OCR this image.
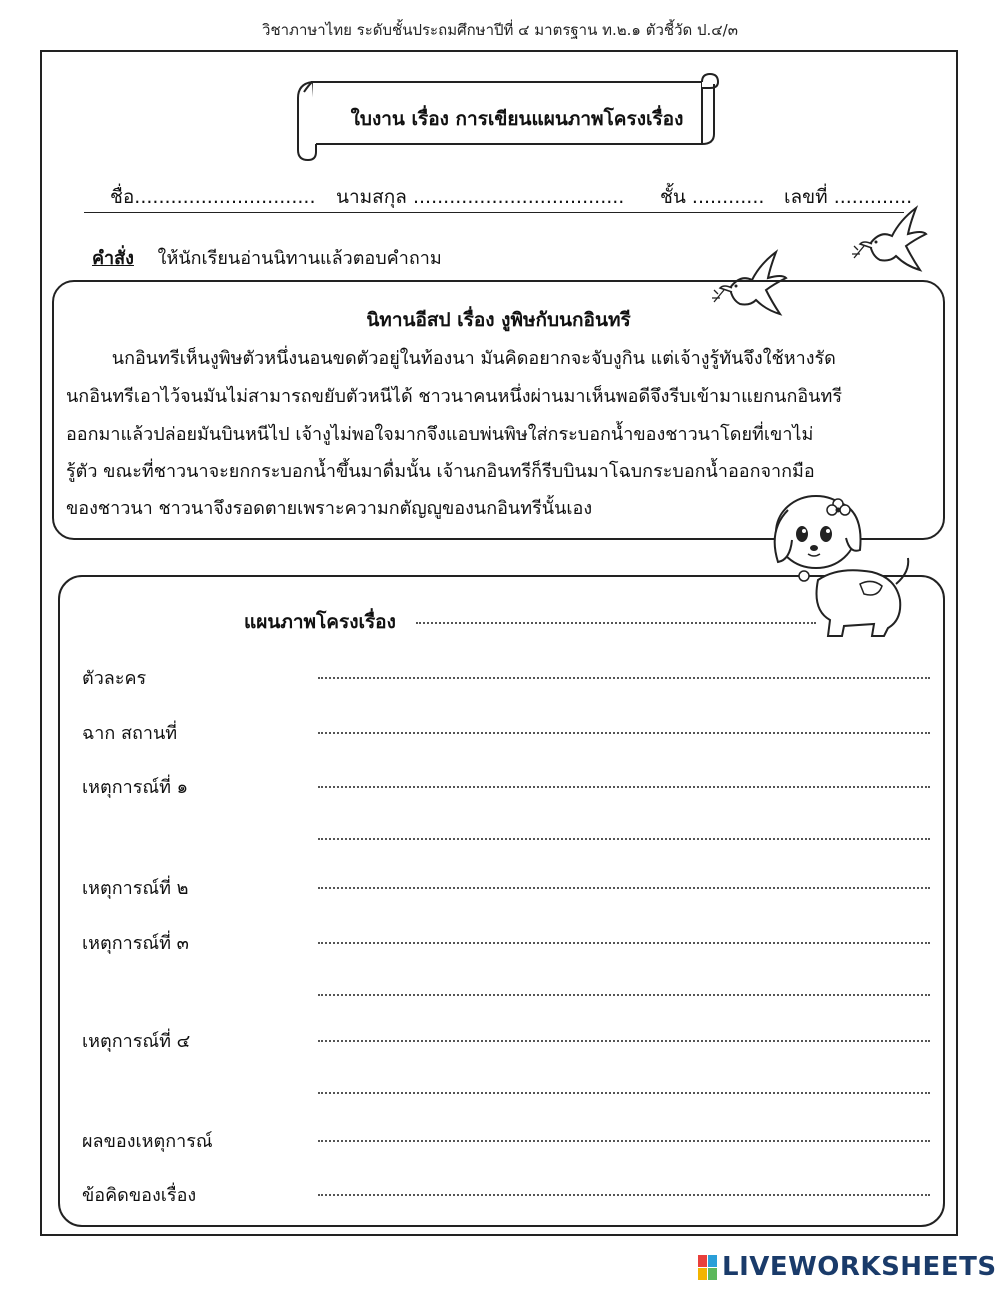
วิชาภาษาไทย ระดับชั้นประถมศึกษาปีที่ ๔ มาตรฐาน ท.๒.๑ ตัวชี้วัด ป.๔/๓
ใบงาน เรื่อง การเขียนแผนภาพโครงเรื่อง
ชื่อ.............................. นามสกุล ................................... ชั้น ............ เลขที่ .............
คำสั่ง ให้นักเรียนอ่านนิทานแล้วตอบคำถาม
นิทานอีสป เรื่อง งูพิษกับนกอินทรี
นกอินทรีเห็นงูพิษตัวหนึ่งนอนขดตัวอยู่ในท้องนา มันคิดอยากจะจับงูกิน แต่เจ้างูรู้ทันจึงใช้หางรัด
นกอินทรีเอาไว้จนมันไม่สามารถขยับตัวหนีได้ ชาวนาคนหนึ่งผ่านมาเห็นพอดีจึงรีบเข้ามาแยกนกอินทรี
ออกมาแล้วปล่อยมันบินหนีไป เจ้างูไม่พอใจมากจึงแอบพ่นพิษใส่กระบอกน้ำของชาวนาโดยที่เขาไม่
รู้ตัว ขณะที่ชาวนาจะยกกระบอกน้ำขึ้นมาดื่มนั้น เจ้านกอินทรีก็รีบบินมาโฉบกระบอกน้ำออกจากมือ
ของชาวนา ชาวนาจึงรอดตายเพราะความกตัญญูของนกอินทรีนั้นเอง
แผนภาพโครงเรื่อง
ตัวละคร
ฉาก สถานที่
เหตุการณ์ที่ ๑
เหตุการณ์ที่ ๒
เหตุการณ์ที่ ๓
เหตุการณ์ที่ ๔
ผลของเหตุการณ์
ข้อคิดของเรื่อง
LIVEWORKSHEETS
